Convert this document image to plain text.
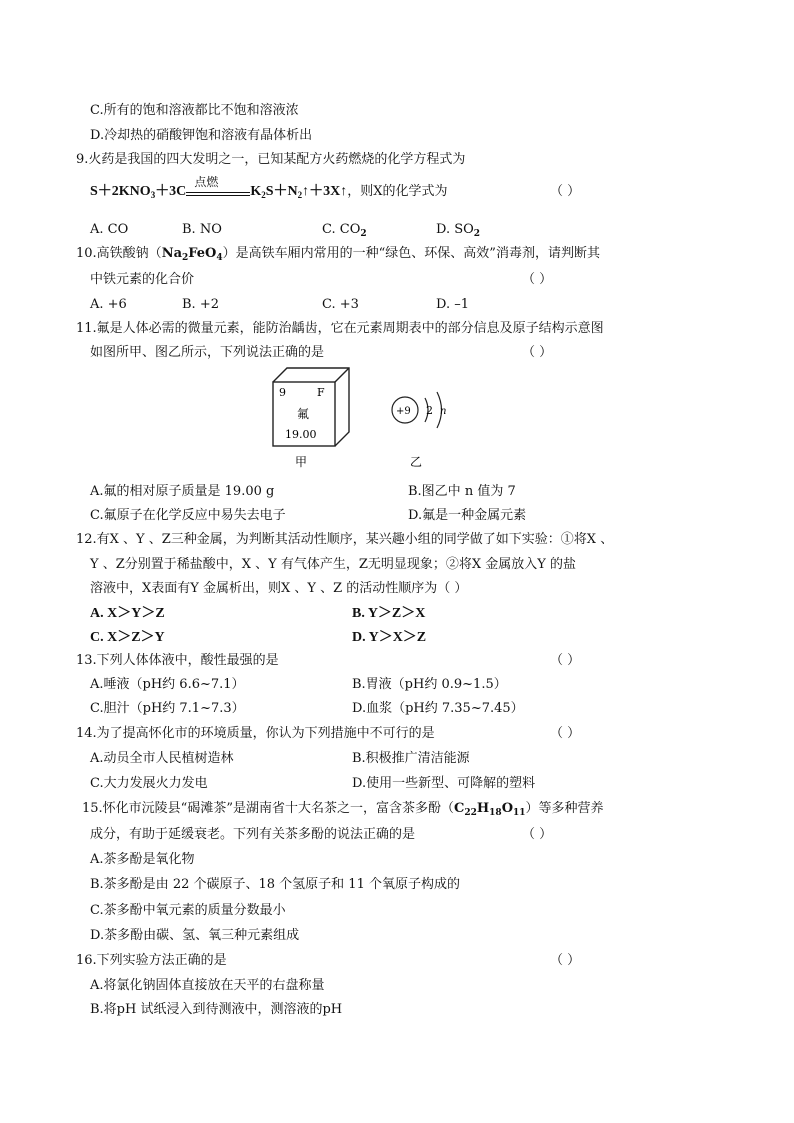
C.所有的饱和溶液都比不饱和溶液浓
D.冷却热的硝酸钾饱和溶液有晶体析出
9.火药是我国的四大发明之一，已知某配方火药燃烧的化学方程式为
$S+2KNO_3+3C$
点燃
$K_2S+N_2↑+3X↑$，则X的化学式为	（ ）
A. CO	B. NO	C. $CO_2$	D. $SO_2$
10.高铁酸钠$(Na_2FeO_4)$是高铁车厢内常用的一种“绿色、环保、高效”消毒剂，请判断其
中铁元素的化合价	（ ）
A. +6	B. +2	C. +3	D. –1
11.氟是人体必需的微量元素，能防治龋齿，它在元素周期表中的部分信息及原子结构示意图
如图所甲、图乙所示，下列说法正确的是	（ ）
9	F
氟
19.00
甲
+9 2 n
乙
A.氟的相对原子质量是 19.00 g	B.图乙中 n 值为 7
C.氟原子在化学反应中易失去电子	D.氟是一种金属元素
12.有X 、Y 、Z三种金属，为判断其活动性顺序，某兴趣小组的同学做了如下实验：①将X 、
Y 、Z分别置于稀盐酸中，X 、Y 有气体产生，Z无明显现象；②将X 金属放入Y 的盐
溶液中，X表面有Y 金属析出，则X 、Y 、Z 的活动性顺序为（ ）
A. X＞Y＞Z	B. Y＞Z＞X
C. X＞Z＞Y	D. Y＞X＞Z
13.下列人体体液中，酸性最强的是	（ ）
A.唾液（pH约 6.6~7.1）	B.胃液（pH约 0.9~1.5）
C.胆汁（pH约 7.1~7.3）	D.血浆（pH约 7.35~7.45）
14.为了提高怀化市的环境质量，你认为下列措施中不可行的是	（ ）
A.动员全市人民植树造林	B.积极推广清洁能源
C.大力发展火力发电	D.使用一些新型、可降解的塑料
15.怀化市沅陵县“碣滩茶”是湖南省十大名茶之一，富含茶多酚$(C_{22}H_{18}O_{11})$等多种营养
成分，有助于延缓衰老。下列有关茶多酚的说法正确的是	（ ）
A.茶多酚是氧化物
B.茶多酚是由 22 个碳原子、18 个氢原子和 11 个氧原子构成的
C.茶多酚中氧元素的质量分数最小
D.茶多酚由碳、氢、氧三种元素组成
16.下列实验方法正确的是	（ ）
A.将氯化钠固体直接放在天平的右盘称量
B.将pH 试纸浸入到待测液中，测溶液的pH
